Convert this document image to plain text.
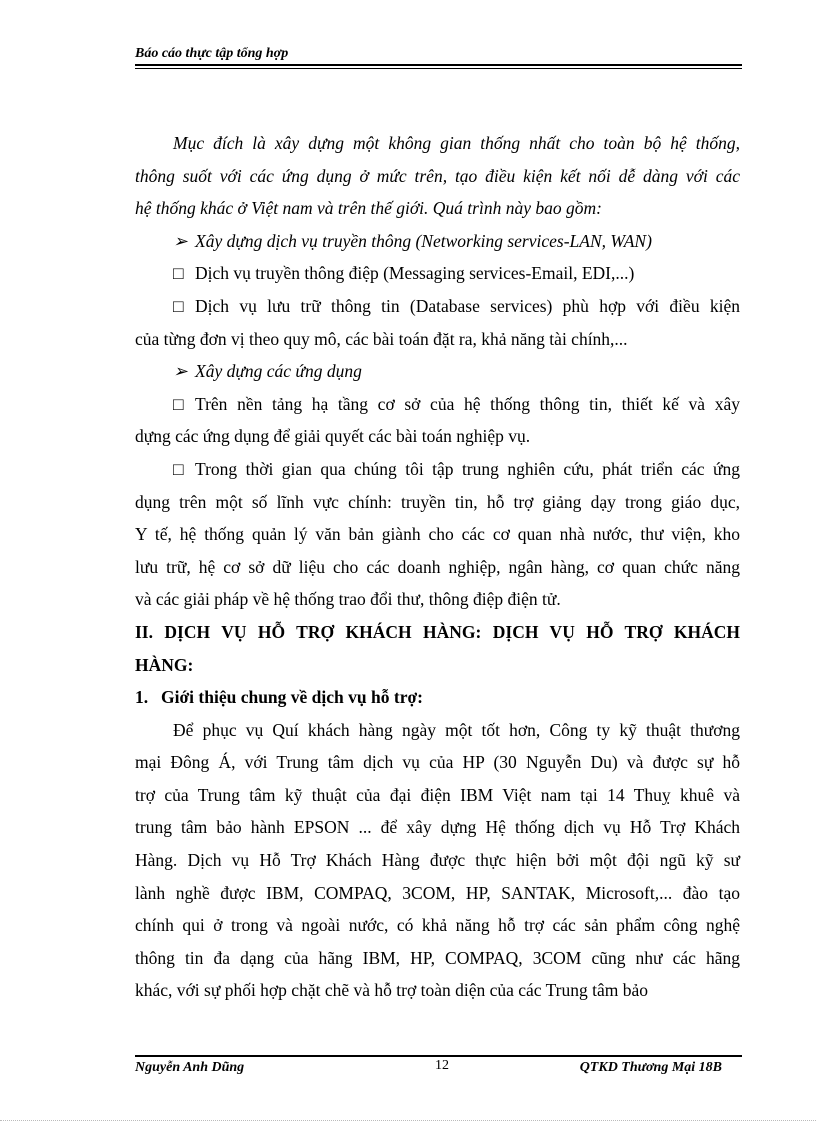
Báo cáo thực tập tổng hợp

Mục đích là xây dựng một không gian thống nhất cho toàn bộ hệ thống,

thông suốt với các ứng dụng ở mức trên, tạo điều kiện kết nối dễ dàng với các

hệ thống khác ở Việt nam và trên thế giới. Quá trình này bao gồm:

➢ Xây dựng dịch vụ truyền thông (Networking services-LAN, WAN)

□ Dịch vụ truyền thông điệp (Messaging services-Email, EDI,...)

□ Dịch vụ lưu trữ thông tin (Database services) phù hợp với điều kiện

của từng đơn vị theo quy mô, các bài toán đặt ra, khả năng tài chính,...

➢ Xây dựng các ứng dụng

□ Trên nền tảng hạ tầng cơ sở của hệ thống thông tin, thiết kế và xây

dựng các ứng dụng để giải quyết các bài toán nghiệp vụ.

□ Trong thời gian qua chúng tôi tập trung nghiên cứu, phát triển các ứng

dụng trên một số lĩnh vực chính: truyền tin, hỗ trợ giảng dạy trong giáo dục,

Y tế, hệ thống quản lý văn bản giành cho các cơ quan nhà nước, thư viện, kho

lưu trữ, hệ cơ sở dữ liệu cho các doanh nghiệp, ngân hàng, cơ quan chức năng

và các giải pháp về hệ thống trao đổi thư, thông điệp điện tử.

II. DỊCH VỤ HỖ TRỢ KHÁCH HÀNG: DỊCH VỤ HỖ TRỢ KHÁCH

HÀNG:

1. Giới thiệu chung về dịch vụ hỗ trợ:

Để phục vụ Quí khách hàng ngày một tốt hơn, Công ty kỹ thuật thương

mại Đông Á, với Trung tâm dịch vụ của HP (30 Nguyễn Du) và được sự hỗ

trợ của Trung tâm kỹ thuật của đại điện IBM Việt nam tại 14 Thuỵ khuê và

trung tâm bảo hành EPSON ... để xây dựng Hệ thống dịch vụ Hỗ Trợ Khách

Hàng. Dịch vụ Hỗ Trợ Khách Hàng được thực hiện bởi một đội ngũ kỹ sư

lành nghề được IBM, COMPAQ, 3COM, HP, SANTAK, Microsoft,... đào tạo

chính qui ở trong và ngoài nước, có khả năng hỗ trợ các sản phẩm công nghệ

thông tin đa dạng của hãng IBM, HP, COMPAQ, 3COM cũng như các hãng

khác, với sự phối hợp chặt chẽ và hỗ trợ toàn diện của các Trung tâm bảo

Nguyễn Anh Dũng	12	QTKD Thương Mại 18B
